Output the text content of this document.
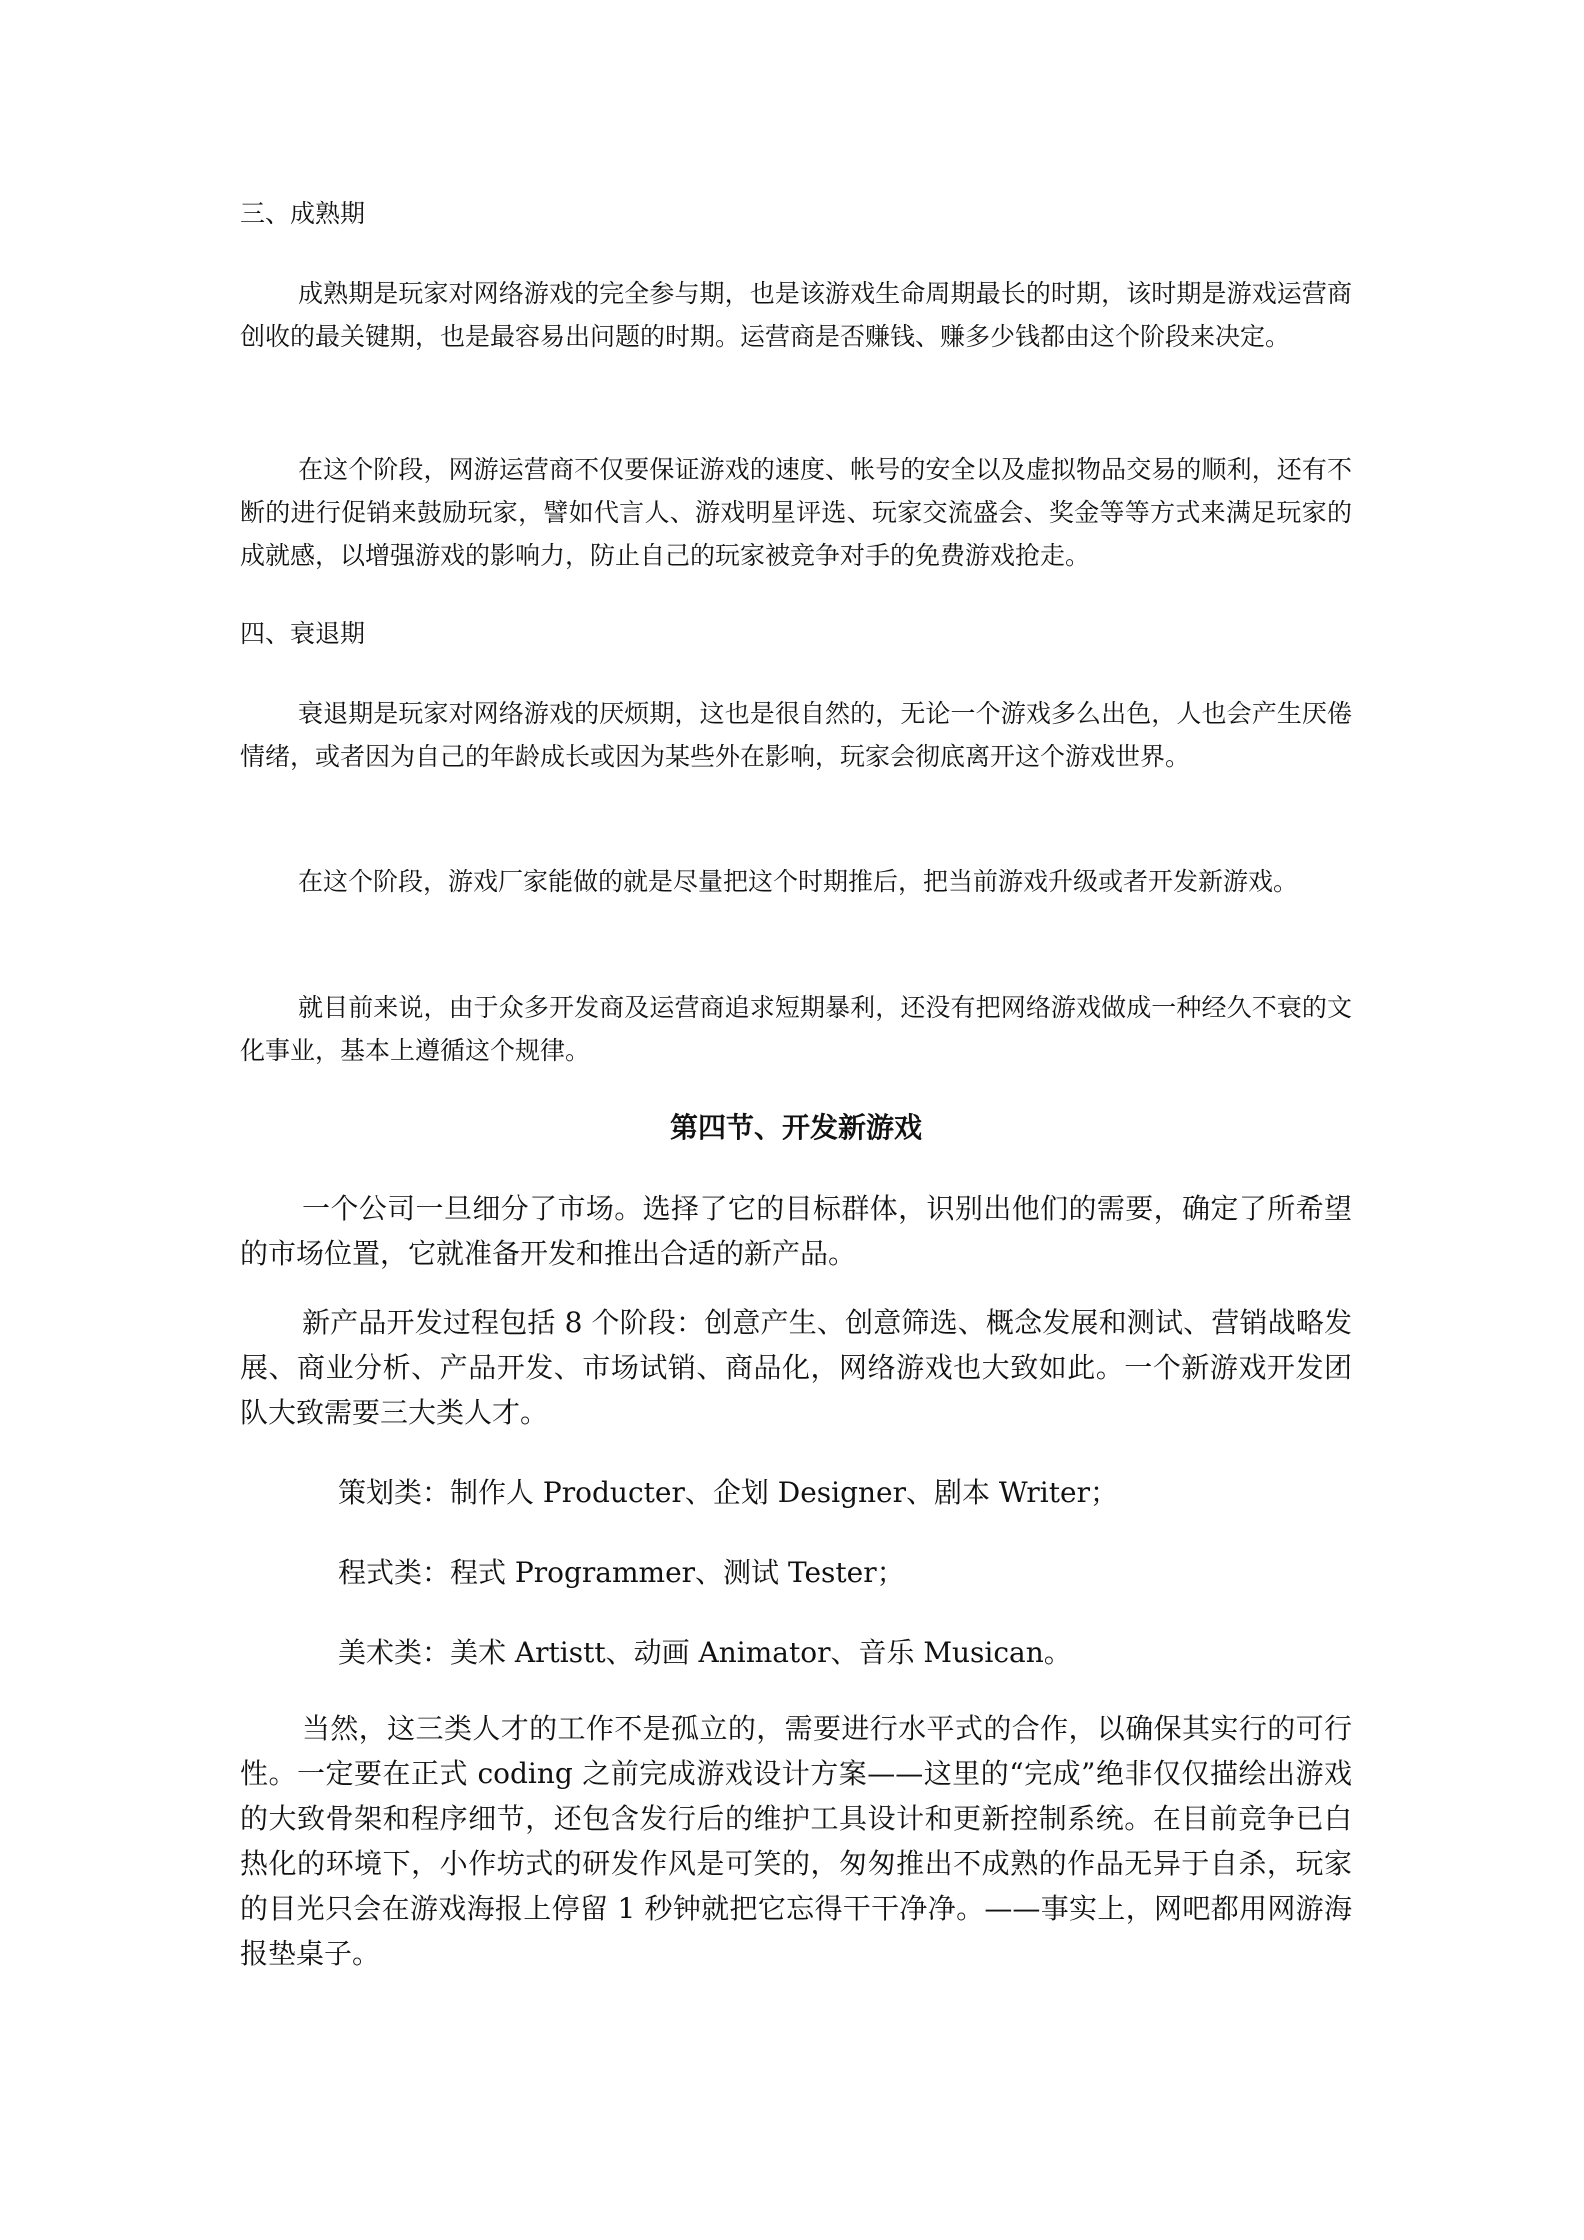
三、成熟期

成熟期是玩家对网络游戏的完全参与期，也是该游戏生命周期最长的时期，该时期是游戏运营商创收的最关键期，也是最容易出问题的时期。运营商是否赚钱、赚多少钱都由这个阶段来决定。

在这个阶段，网游运营商不仅要保证游戏的速度、帐号的安全以及虚拟物品交易的顺利，还有不断的进行促销来鼓励玩家，譬如代言人、游戏明星评选、玩家交流盛会、奖金等等方式来满足玩家的成就感，以增强游戏的影响力，防止自己的玩家被竞争对手的免费游戏抢走。

四、衰退期

衰退期是玩家对网络游戏的厌烦期，这也是很自然的，无论一个游戏多么出色，人也会产生厌倦情绪，或者因为自己的年龄成长或因为某些外在影响，玩家会彻底离开这个游戏世界。

在这个阶段，游戏厂家能做的就是尽量把这个时期推后，把当前游戏升级或者开发新游戏。

就目前来说，由于众多开发商及运营商追求短期暴利，还没有把网络游戏做成一种经久不衰的文化事业，基本上遵循这个规律。

第四节、开发新游戏

一个公司一旦细分了市场。选择了它的目标群体，识别出他们的需要，确定了所希望的市场位置，它就准备开发和推出合适的新产品。

新产品开发过程包括 8 个阶段：创意产生、创意筛选、概念发展和测试、营销战略发展、商业分析、产品开发、市场试销、商品化，网络游戏也大致如此。一个新游戏开发团队大致需要三大类人才。

策划类：制作人 Producter、企划 Designer、剧本 Writer；

程式类：程式 Programmer、测试 Tester；

美术类：美术 Artistt、动画 Animator、音乐 Musican。

当然，这三类人才的工作不是孤立的，需要进行水平式的合作，以确保其实行的可行性。一定要在正式 coding 之前完成游戏设计方案——这里的“完成”绝非仅仅描绘出游戏的大致骨架和程序细节，还包含发行后的维护工具设计和更新控制系统。在目前竞争已白热化的环境下，小作坊式的研发作风是可笑的，匆匆推出不成熟的作品无异于自杀，玩家的目光只会在游戏海报上停留 1 秒钟就把它忘得干干净净。——事实上，网吧都用网游海报垫桌子。
